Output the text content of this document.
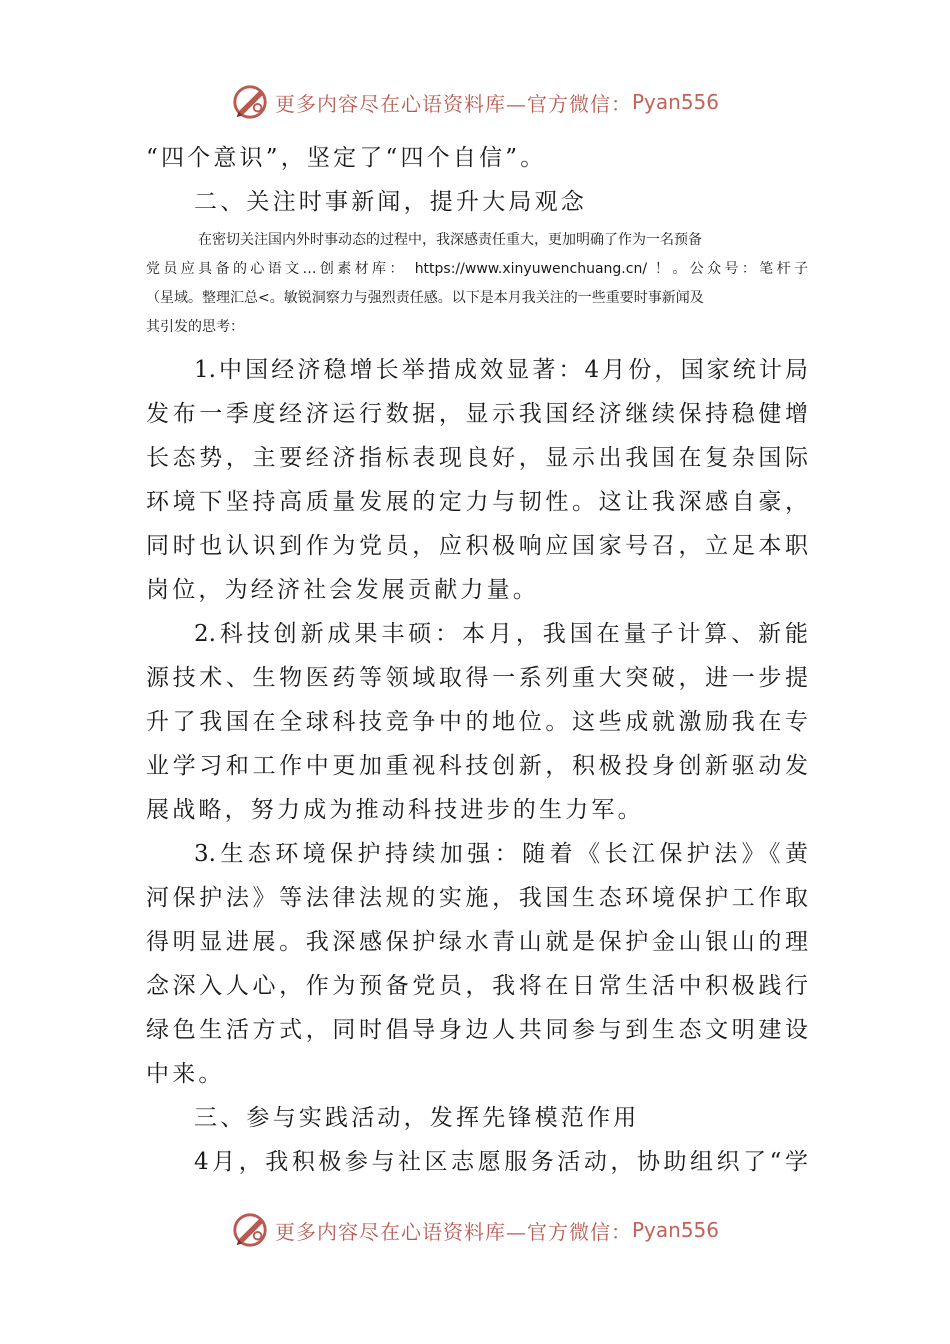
更多内容尽在心语资料库—官方微信： Pyan556
“四个意识”，坚定了“四个自信”。
二、关注时事新闻，提升大局观念
在密切关注国内外时事动态的过程中，我深感责任重大，更加明确了作为一名预备
党员应具备的心语文…创素材库： https://www.xinyuwenchuang.cn/ ！。公众号：笔杆子
（星域。整理汇总<。敏锐洞察力与强烈责任感。以下是本月我关注的一些重要时事新闻及
其引发的思考：
1.中国经济稳增长举措成效显著：4月份，国家统计局
发布一季度经济运行数据，显示我国经济继续保持稳健增
长态势，主要经济指标表现良好，显示出我国在复杂国际
环境下坚持高质量发展的定力与韧性。这让我深感自豪，
同时也认识到作为党员，应积极响应国家号召，立足本职
岗位，为经济社会发展贡献力量。
2.科技创新成果丰硕：本月，我国在量子计算、新能
源技术、生物医药等领域取得一系列重大突破，进一步提
升了我国在全球科技竞争中的地位。这些成就激励我在专
业学习和工作中更加重视科技创新，积极投身创新驱动发
展战略，努力成为推动科技进步的生力军。
3.生态环境保护持续加强：随着《长江保护法》《黄
河保护法》等法律法规的实施，我国生态环境保护工作取
得明显进展。我深感保护绿水青山就是保护金山银山的理
念深入人心，作为预备党员，我将在日常生活中积极践行
绿色生活方式，同时倡导身边人共同参与到生态文明建设
中来。
三、参与实践活动，发挥先锋模范作用
4月，我积极参与社区志愿服务活动，协助组织了“学
更多内容尽在心语资料库—官方微信： Pyan556
